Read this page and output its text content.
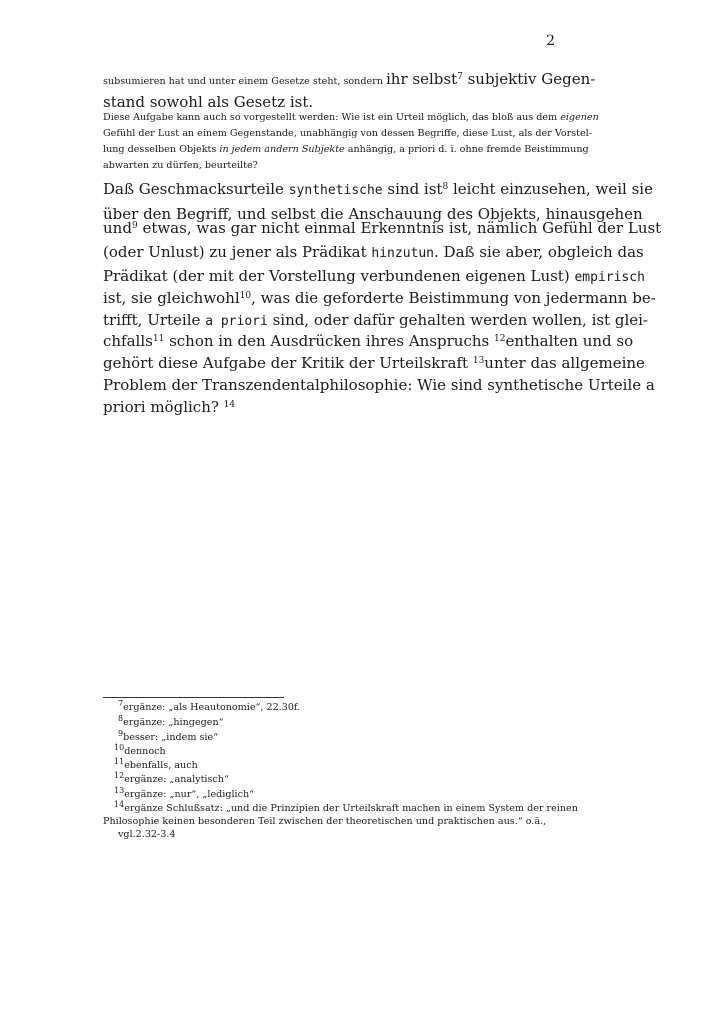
2
subsumieren hat und unter einem Gesetze steht, sondern ihr selbst$^7$ subjektiv Gegen-
stand sowohl als Gesetz ist.
Diese Aufgabe kann auch so vorgestellt werden: Wie ist ein Urteil möglich, das bloß aus dem eigenen
Gefühl der Lust an einem Gegenstande, unabhängig von dessen Begriffe, diese Lust, als der Vorstel-
lung desselben Objekts in jedem andern Subjekte anhängig, a priori d. i. ohne fremde Beistimmung
abwarten zu dürfen, beurteilte?
Daß Geschmacksurteile synthetische sind ist$^8$ leicht einzusehen, weil sie
über den Begriff, und selbst die Anschauung des Objekts, hinausgehen
und$^9$ etwas, was gar nicht einmal Erkenntnis ist, nämlich Gefühl der Lust
(oder Unlust) zu jener als Prädikat hinzutun. Daß sie aber, obgleich das
Prädikat (der mit der Vorstellung verbundenen eigenen Lust) empirisch
ist, sie gleichwohl$^{10}$, was die geforderte Beistimmung von jedermann be-
trifft, Urteile a priori sind, oder dafür gehalten werden wollen, ist glei-
chfalls$^{11}$ schon in den Ausdrücken ihres Anspruchs $^{12}$enthalten und so
gehört diese Aufgabe der Kritik der Urteilskraft $^{13}$unter das allgemeine
Problem der Transzendentalphilosophie: Wie sind synthetische Urteile a
priori möglich? $^{14}$
$^7$ergänze: „als Heautonomie“, 22.30f.
$^8$ergänze: „hingegen“
$^9$besser: „indem sie“
$^{10}$dennoch
$^{11}$ebenfalls, auch
$^{12}$ergänze: „analytisch“
$^{13}$ergänze: „nur“, „lediglich“
$^{14}$ergänze Schlußsatz: „und die Prinzipien der Urteilskraft machen in einem System der reinen
Philosophie keinen besonderen Teil zwischen der theoretischen und praktischen aus.“ o.ä.,
vgl.2.32-3.4
